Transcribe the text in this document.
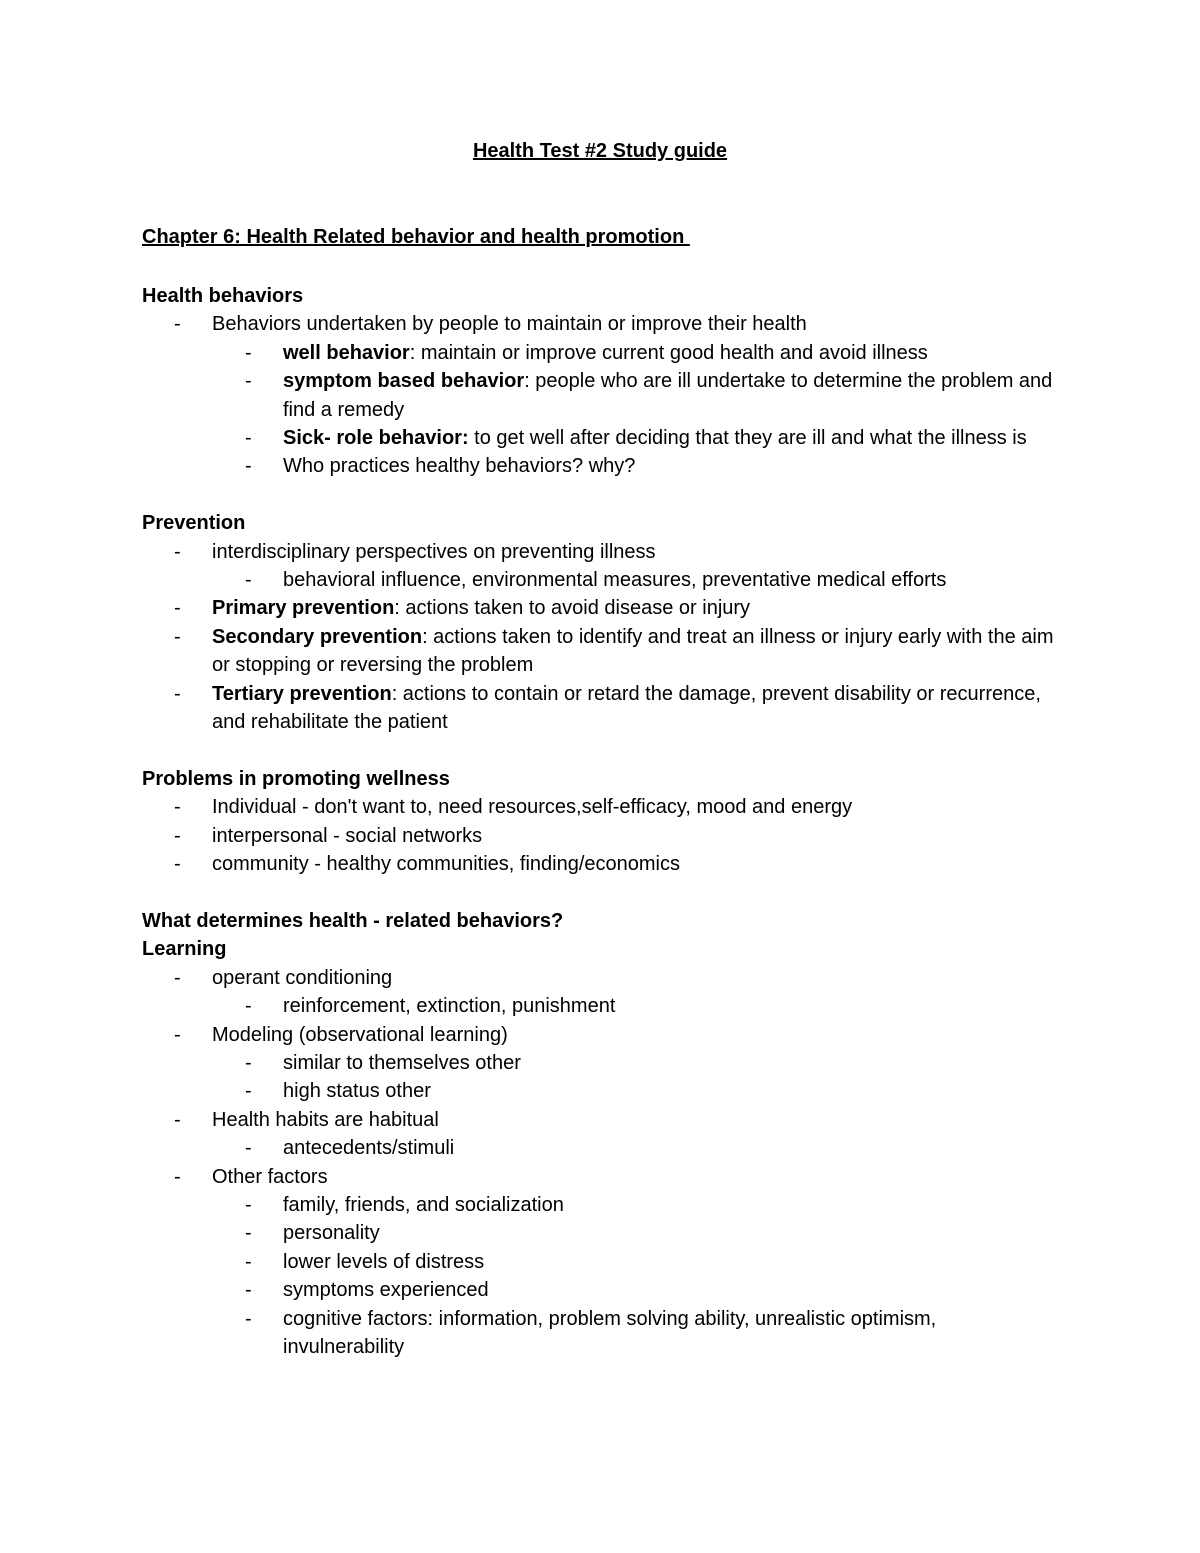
Health Test #2 Study guide
Chapter 6: Health Related behavior and health promotion
Health behaviors
- Behaviors undertaken by people to maintain or improve their health
- well behavior: maintain or improve current good health and avoid illness
- symptom based behavior: people who are ill undertake to determine the problem and find a remedy
- Sick- role behavior: to get well after deciding that they are ill and what the illness is
- Who practices healthy behaviors? why?
Prevention
- interdisciplinary perspectives on preventing illness
- behavioral influence, environmental measures, preventative medical efforts
- Primary prevention: actions taken to avoid disease or injury
- Secondary prevention: actions taken to identify and treat an illness or injury early with the aim or stopping or reversing the problem
- Tertiary prevention: actions to contain or retard the damage, prevent disability or recurrence, and rehabilitate the patient
Problems in promoting wellness
- Individual - don't want to, need resources,self-efficacy, mood and energy
- interpersonal - social networks
- community - healthy communities, finding/economics
What determines health - related behaviors?
Learning
- operant conditioning
- reinforcement, extinction, punishment
- Modeling (observational learning)
- similar to themselves other
- high status other
- Health habits are habitual
- antecedents/stimuli
- Other factors
- family, friends, and socialization
- personality
- lower levels of distress
- symptoms experienced
- cognitive factors: information, problem solving ability, unrealistic optimism, invulnerability
